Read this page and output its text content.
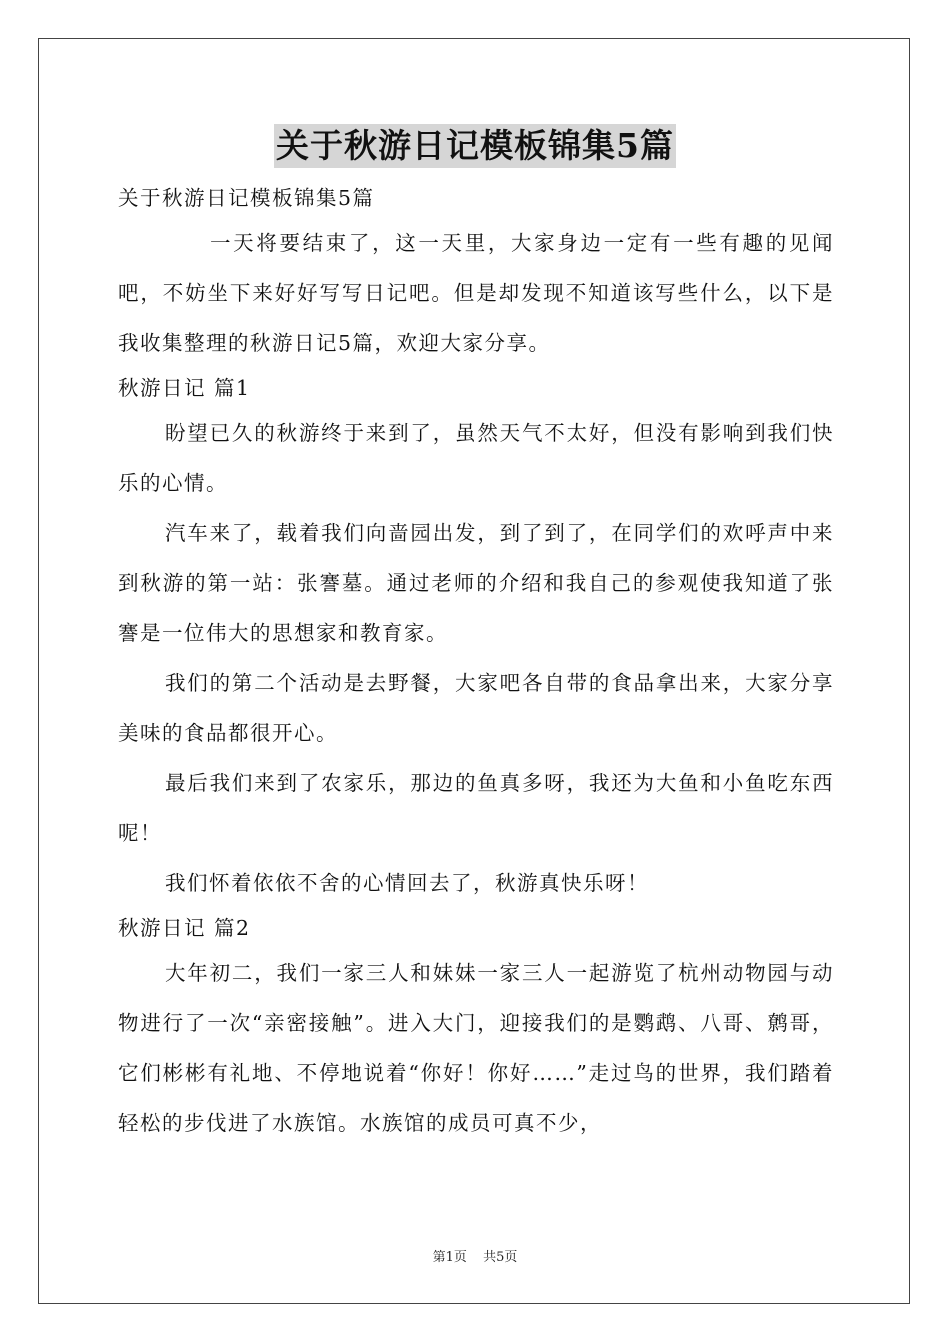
关于秋游日记模板锦集5篇

关于秋游日记模板锦集5篇

一天将要结束了，这一天里，大家身边一定有一些有趣的见闻吧，不妨坐下来好好写写日记吧。但是却发现不知道该写些什么，以下是我收集整理的秋游日记5篇，欢迎大家分享。

秋游日记 篇1

盼望已久的秋游终于来到了，虽然天气不太好，但没有影响到我们快乐的心情。

汽车来了，载着我们向啬园出发，到了到了，在同学们的欢呼声中来到秋游的第一站：张謇墓。通过老师的介绍和我自己的参观使我知道了张謇是一位伟大的思想家和教育家。

我们的第二个活动是去野餐，大家吧各自带的食品拿出来，大家分享美味的食品都很开心。

最后我们来到了农家乐，那边的鱼真多呀，我还为大鱼和小鱼吃东西呢！

我们怀着依依不舍的心情回去了，秋游真快乐呀！

秋游日记 篇2

大年初二，我们一家三人和妹妹一家三人一起游览了杭州动物园与动物进行了一次“亲密接触”。进入大门，迎接我们的是鹦鹉、八哥、鹩哥，它们彬彬有礼地、不停地说着“你好！你好……”走过鸟的世界，我们踏着轻松的步伐进了水族馆。水族馆的成员可真不少，

第1页 共5页
